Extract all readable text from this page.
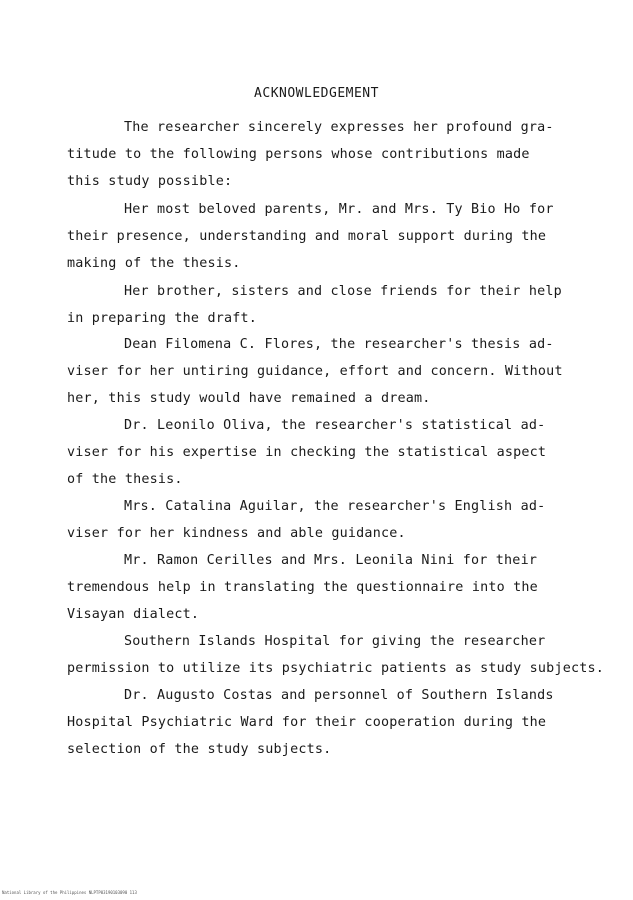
ACKNOWLEDGEMENT
The researcher sincerely expresses her profound gra-
titude to the following persons whose contributions made
this study possible:
Her most beloved parents, Mr. and Mrs. Ty Bio Ho for
their presence, understanding and moral support during the
making of the thesis.
Her brother, sisters and close friends for their help
in preparing the draft.
Dean Filomena C. Flores, the researcher's thesis ad-
viser for her untiring guidance, effort and concern. Without
her, this study would have remained a dream.
Dr. Leonilo Oliva, the researcher's statistical ad-
viser for his expertise in checking the statistical aspect
of the thesis.
Mrs. Catalina Aguilar, the researcher's English ad-
viser for her kindness and able guidance.
Mr. Ramon Cerilles and Mrs. Leonila Nini for their
tremendous help in translating the questionnaire into the
Visayan dialect.
Southern Islands Hospital for giving the researcher
permission to utilize its psychiatric patients as study subjects.
Dr. Augusto Costas and personnel of Southern Islands
Hospital Psychiatric Ward for their cooperation during the
selection of the study subjects.
National Library of the Philippines NLPTP03190103090 113
